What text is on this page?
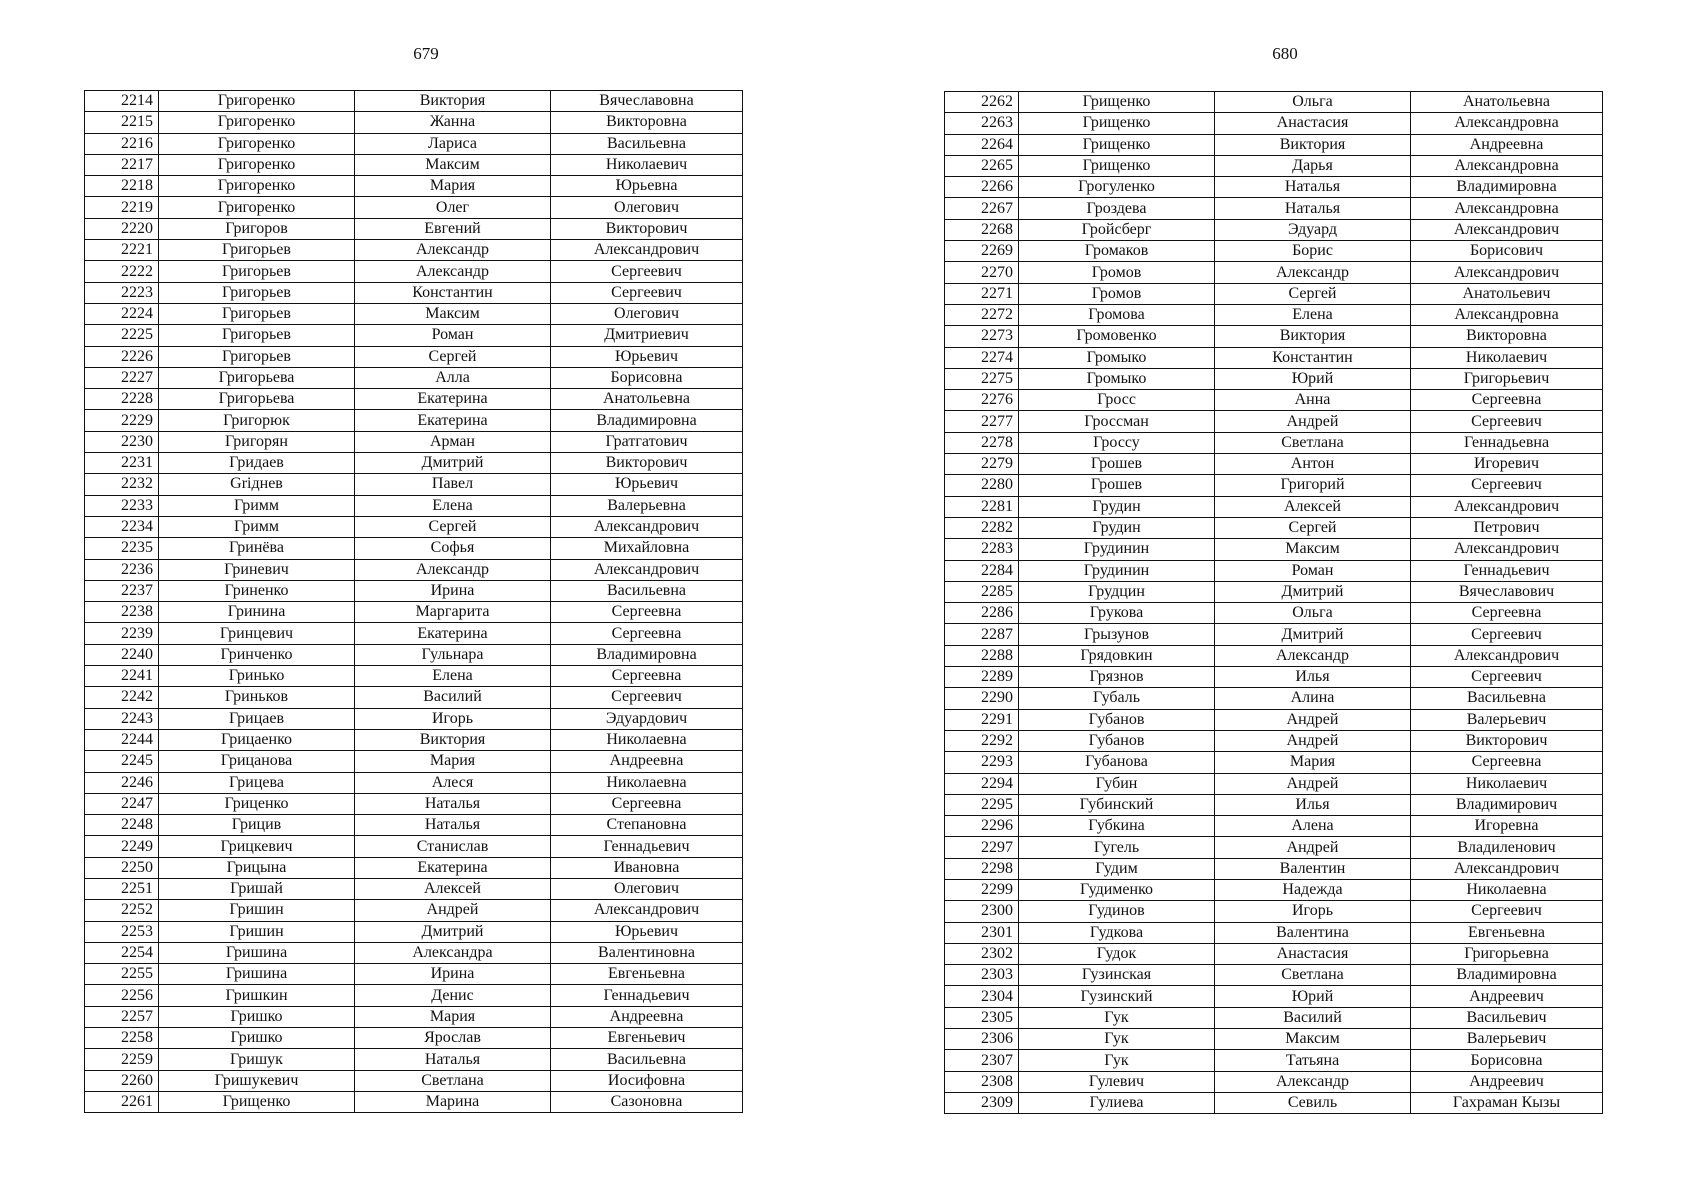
679	680
2214	Григоренко	Виктория	Вячеславовна
2215	Григоренко	Жанна	Викторовна
2216	Григоренко	Лариса	Васильевна
2217	Григоренко	Максим	Николаевич
2218	Григоренко	Мария	Юрьевна
2219	Григоренко	Олег	Олегович
2220	Григоров	Евгений	Викторович
2221	Григорьев	Александр	Александрович
2222	Григорьев	Александр	Сергеевич
2223	Григорьев	Константин	Сергеевич
2224	Григорьев	Максим	Олегович
2225	Григорьев	Роман	Дмитриевич
2226	Григорьев	Сергей	Юрьевич
2227	Григорьева	Алла	Борисовна
2228	Григорьева	Екатерина	Анатольевна
2229	Григорюк	Екатерина	Владимировна
2230	Григорян	Арман	Гратгатович
2231	Гридаев	Дмитрий	Викторович
2232	Griднев	Павел	Юрьевич
2233	Гримм	Елена	Валерьевна
2234	Гримм	Сергей	Александрович
2235	Гринёва	Софья	Михайловна
2236	Гриневич	Александр	Александрович
2237	Гриненко	Ирина	Васильевна
2238	Гринина	Маргарита	Сергеевна
2239	Гринцевич	Екатерина	Сергеевна
2240	Гринченко	Гульнара	Владимировна
2241	Гринько	Елена	Сергеевна
2242	Гриньков	Василий	Сергеевич
2243	Грицаев	Игорь	Эдуардович
2244	Грицаенко	Виктория	Николаевна
2245	Грицанова	Мария	Андреевна
2246	Грицева	Алеся	Николаевна
2247	Гриценко	Наталья	Сергеевна
2248	Грицив	Наталья	Степановна
2249	Грицкевич	Станислав	Геннадьевич
2250	Грицына	Екатерина	Ивановна
2251	Гришай	Алексей	Олегович
2252	Гришин	Андрей	Александрович
2253	Гришин	Дмитрий	Юрьевич
2254	Гришина	Александра	Валентиновна
2255	Гришина	Ирина	Евгеньевна
2256	Гришкин	Денис	Геннадьевич
2257	Гришко	Мария	Андреевна
2258	Гришко	Ярослав	Евгеньевич
2259	Гришук	Наталья	Васильевна
2260	Гришукевич	Светлана	Иосифовна
2261	Грищенко	Марина	Сазоновна
2262	Грищенко	Ольга	Анатольевна
2263	Грищенко	Анастасия	Александровна
2264	Грищенко	Виктория	Андреевна
2265	Грищенко	Дарья	Александровна
2266	Грогуленко	Наталья	Владимировна
2267	Гроздева	Наталья	Александровна
2268	Гройсберг	Эдуард	Александрович
2269	Громаков	Борис	Борисович
2270	Громов	Александр	Александрович
2271	Громов	Сергей	Анатольевич
2272	Громова	Елена	Александровна
2273	Громовенко	Виктория	Викторовна
2274	Громыко	Константин	Николаевич
2275	Громыко	Юрий	Григорьевич
2276	Гросс	Анна	Сергеевна
2277	Гроссман	Андрей	Сергеевич
2278	Гроссу	Светлана	Геннадьевна
2279	Грошев	Антон	Игоревич
2280	Грошев	Григорий	Сергеевич
2281	Грудин	Алексей	Александрович
2282	Грудин	Сергей	Петрович
2283	Грудинин	Максим	Александрович
2284	Грудинин	Роман	Геннадьевич
2285	Грудцин	Дмитрий	Вячеславович
2286	Грукова	Ольга	Сергеевна
2287	Грызунов	Дмитрий	Сергеевич
2288	Грядовкин	Александр	Александрович
2289	Грязнов	Илья	Сергеевич
2290	Губаль	Алина	Васильевна
2291	Губанов	Андрей	Валерьевич
2292	Губанов	Андрей	Викторович
2293	Губанова	Мария	Сергеевна
2294	Губин	Андрей	Николаевич
2295	Губинский	Илья	Владимирович
2296	Губкина	Алена	Игоревна
2297	Гугель	Андрей	Владиленович
2298	Гудим	Валентин	Александрович
2299	Гудименко	Надежда	Николаевна
2300	Гудинов	Игорь	Сергеевич
2301	Гудкова	Валентина	Евгеньевна
2302	Гудок	Анастасия	Григорьевна
2303	Гузинская	Светлана	Владимировна
2304	Гузинский	Юрий	Андреевич
2305	Гук	Василий	Васильевич
2306	Гук	Максим	Валерьевич
2307	Гук	Татьяна	Борисовна
2308	Гулевич	Александр	Андреевич
2309	Гулиева	Севиль	Гахраман Кызы
